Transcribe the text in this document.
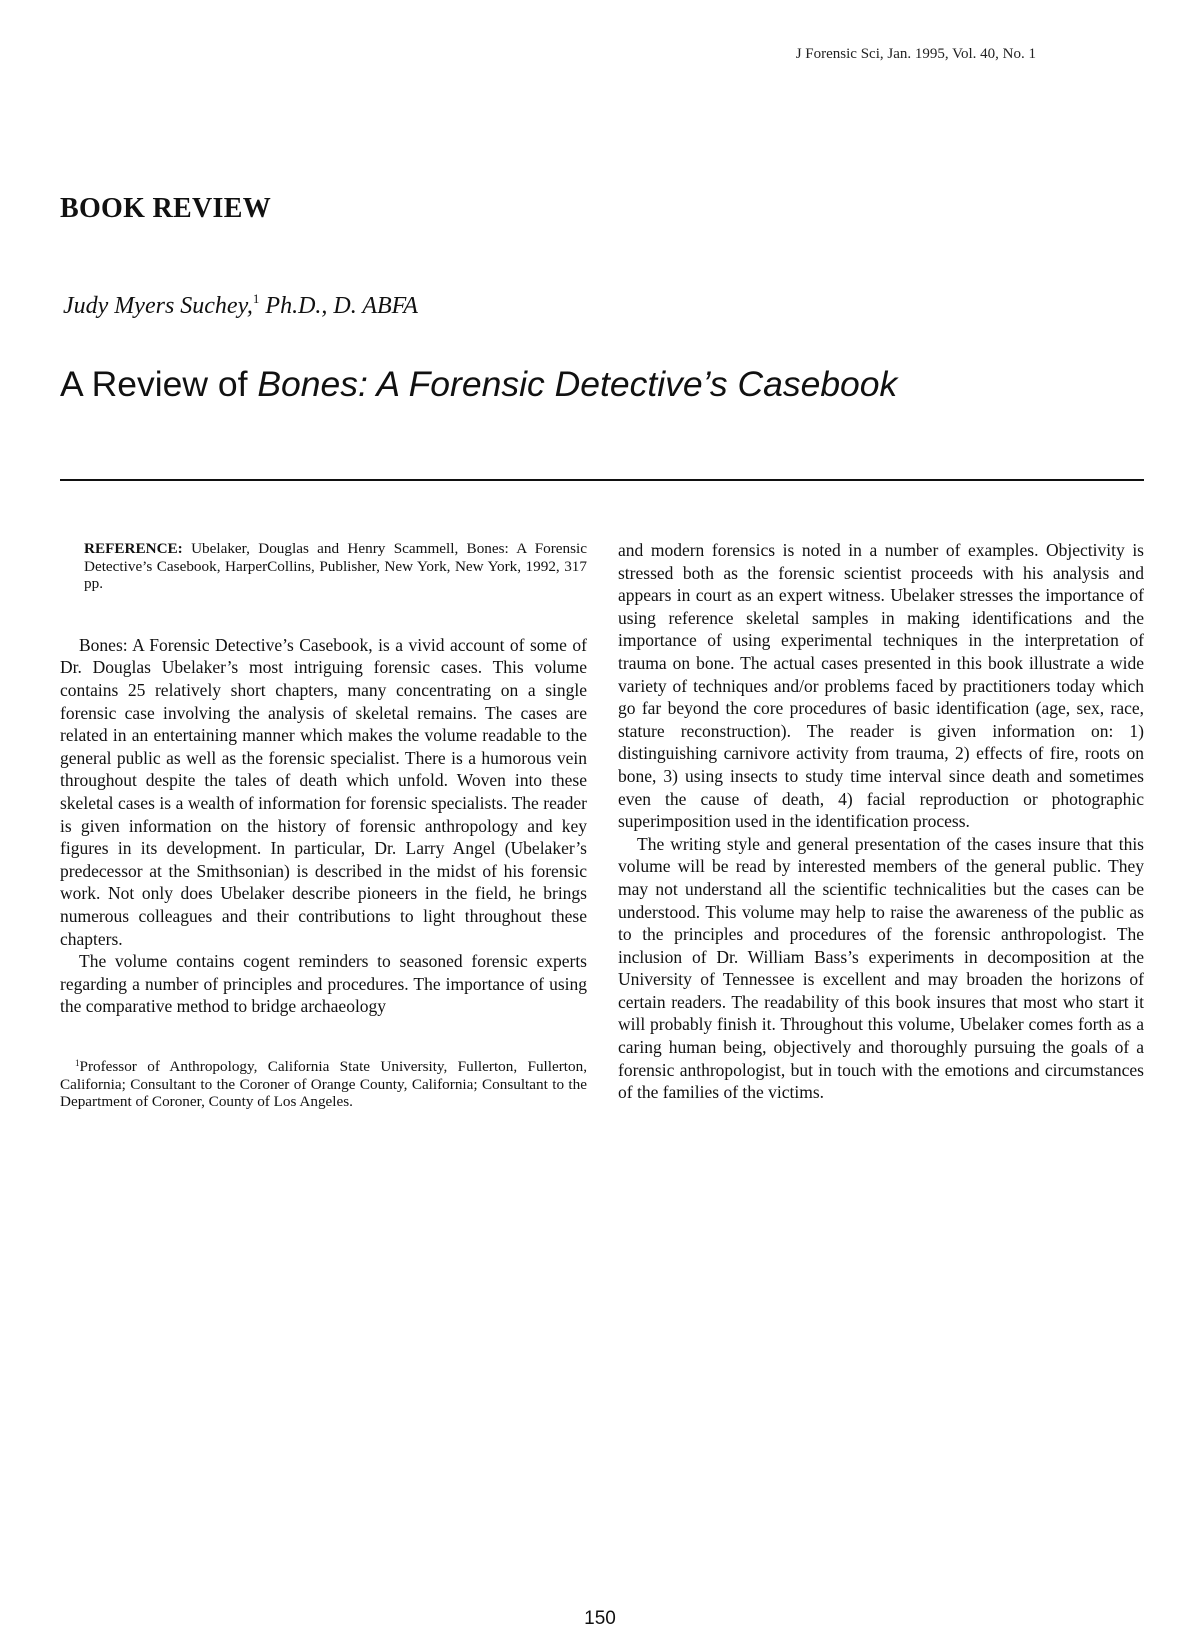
J Forensic Sci, Jan. 1995, Vol. 40, No. 1
BOOK REVIEW
Judy Myers Suchey,$^1$ Ph.D., D. ABFA
A Review of Bones: A Forensic Detective’s Casebook
REFERENCE: Ubelaker, Douglas and Henry Scammell, Bones: A Forensic Detective’s Casebook, HarperCollins, Publisher, New York, New York, 1992, 317 pp.

Bones: A Forensic Detective’s Casebook, is a vivid account of some of Dr. Douglas Ubelaker’s most intriguing forensic cases. This volume contains 25 relatively short chapters, many concentrating on a single forensic case involving the analysis of skeletal remains. The cases are related in an entertaining manner which makes the volume readable to the general public as well as the forensic specialist. There is a humorous vein throughout despite the tales of death which unfold. Woven into these skeletal cases is a wealth of information for forensic specialists. The reader is given information on the history of forensic anthropology and key figures in its development. In particular, Dr. Larry Angel (Ubelaker’s predecessor at the Smithsonian) is described in the midst of his forensic work. Not only does Ubelaker describe pioneers in the field, he brings numerous colleagues and their contributions to light throughout these chapters.

The volume contains cogent reminders to seasoned forensic experts regarding a number of principles and procedures. The importance of using the comparative method to bridge archaeology

$^1$Professor of Anthropology, California State University, Fullerton, Fullerton, California; Consultant to the Coroner of Orange County, California; Consultant to the Department of Coroner, County of Los Angeles.

and modern forensics is noted in a number of examples. Objectivity is stressed both as the forensic scientist proceeds with his analysis and appears in court as an expert witness. Ubelaker stresses the importance of using reference skeletal samples in making identifications and the importance of using experimental techniques in the interpretation of trauma on bone. The actual cases presented in this book illustrate a wide variety of techniques and/or problems faced by practitioners today which go far beyond the core procedures of basic identification (age, sex, race, stature reconstruction). The reader is given information on: 1) distinguishing carnivore activity from trauma, 2) effects of fire, roots on bone, 3) using insects to study time interval since death and sometimes even the cause of death, 4) facial reproduction or photographic superimposition used in the identification process.

The writing style and general presentation of the cases insure that this volume will be read by interested members of the general public. They may not understand all the scientific technicalities but the cases can be understood. This volume may help to raise the awareness of the public as to the principles and procedures of the forensic anthropologist. The inclusion of Dr. William Bass’s experiments in decomposition at the University of Tennessee is excellent and may broaden the horizons of certain readers. The readability of this book insures that most who start it will probably finish it. Throughout this volume, Ubelaker comes forth as a caring human being, objectively and thoroughly pursuing the goals of a forensic anthropologist, but in touch with the emotions and circumstances of the families of the victims.

150
